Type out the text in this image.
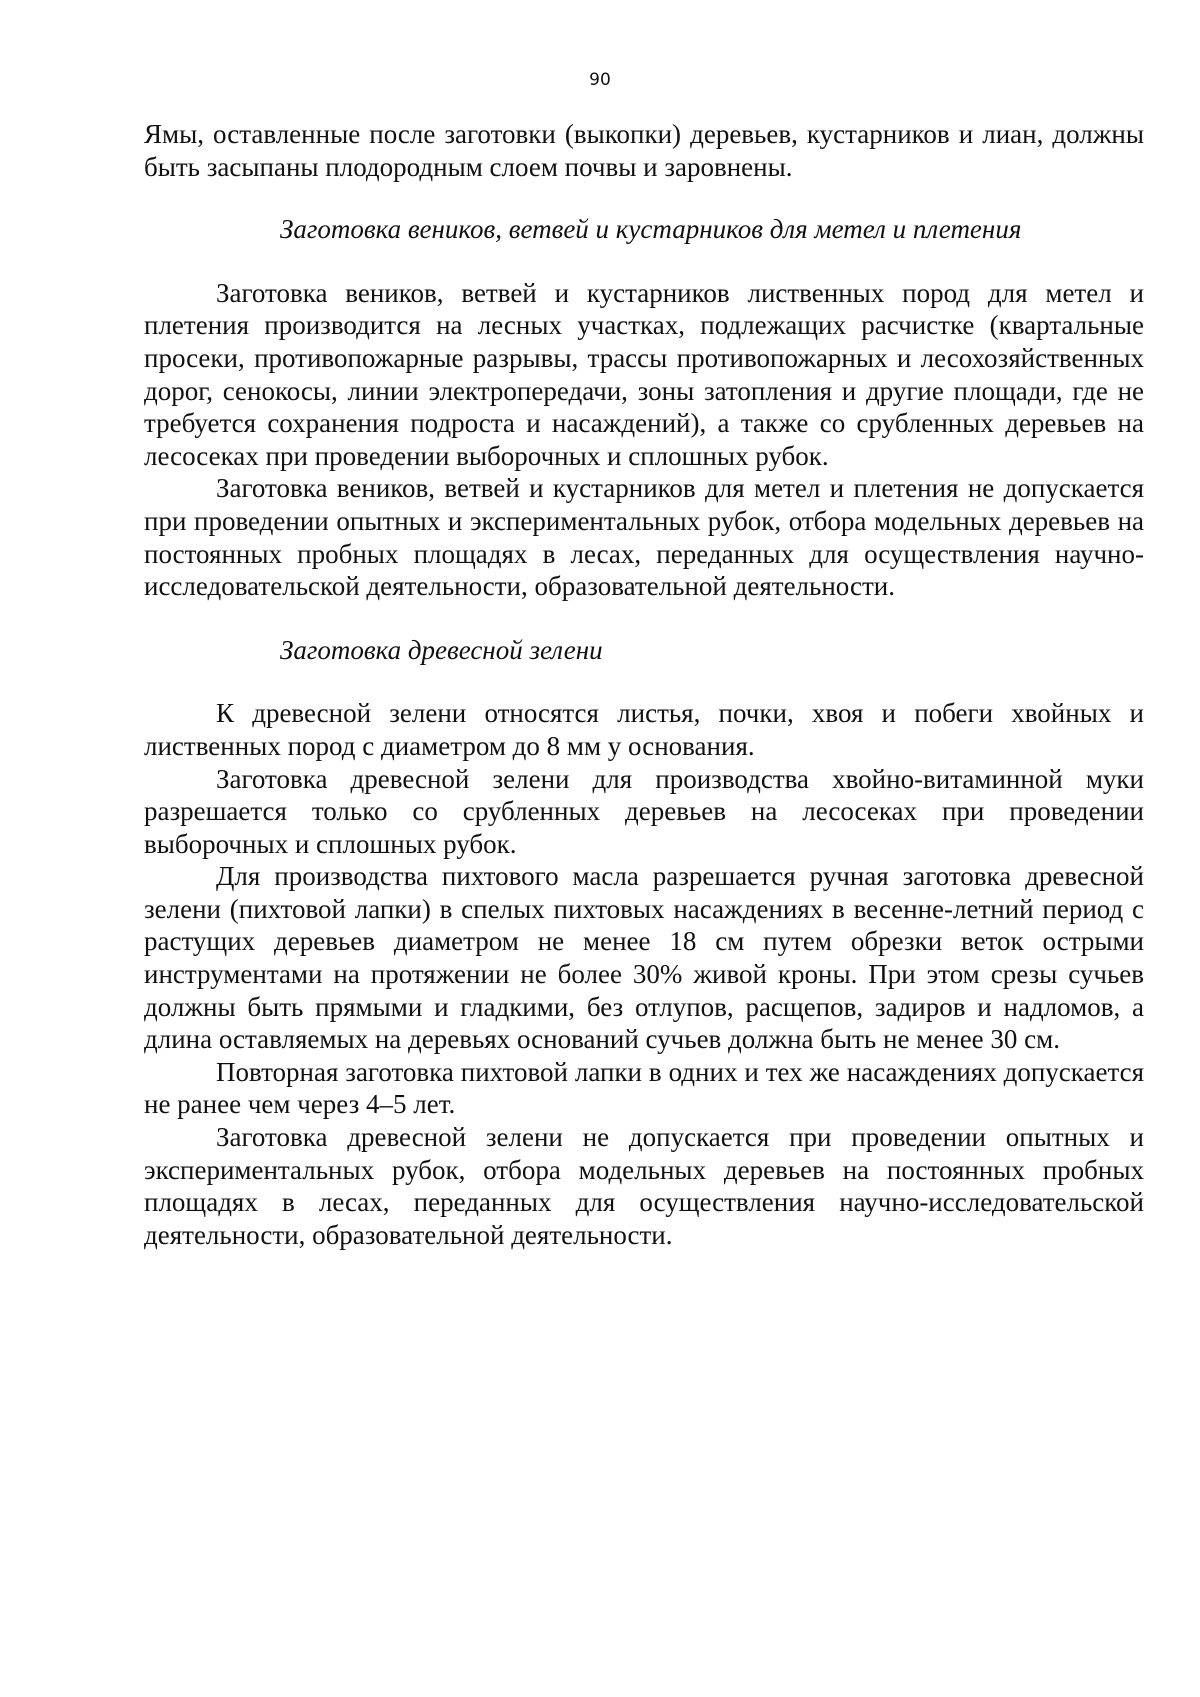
90

Ямы, оставленные после заготовки (выкопки) деревьев, кустарников и лиан, должны быть засыпаны плодородным слоем почвы и заровнены.

Заготовка веников, ветвей и кустарников для метел и плетения

Заготовка веников, ветвей и кустарников лиственных пород для метел и плетения производится на лесных участках, подлежащих расчистке (квартальные просеки, противопожарные разрывы, трассы противопожарных и лесохозяйственных дорог, сенокосы, линии электропередачи, зоны затопления и другие площади, где не требуется сохранения подроста и насаждений), а также со срубленных деревьев на лесосеках при проведении выборочных и сплошных рубок.

Заготовка веников, ветвей и кустарников для метел и плетения не допускается при проведении опытных и экспериментальных рубок, отбора модельных деревьев на постоянных пробных площадях в лесах, переданных для осуществления научно-исследовательской деятельности, образовательной деятельности.

Заготовка древесной зелени

К древесной зелени относятся листья, почки, хвоя и побеги хвойных и лиственных пород с диаметром до 8 мм у основания.

Заготовка древесной зелени для производства хвойно-витаминной муки разрешается только со срубленных деревьев на лесосеках при проведении выборочных и сплошных рубок.

Для производства пихтового масла разрешается ручная заготовка древесной зелени (пихтовой лапки) в спелых пихтовых насаждениях в весенне-летний период с растущих деревьев диаметром не менее 18 см путем обрезки веток острыми инструментами на протяжении не более 30% живой кроны. При этом срезы сучьев должны быть прямыми и гладкими, без отлупов, расщепов, задиров и надломов, а длина оставляемых на деревьях оснований сучьев должна быть не менее 30 см.

Повторная заготовка пихтовой лапки в одних и тех же насаждениях допускается не ранее чем через 4–5 лет.

Заготовка древесной зелени не допускается при проведении опытных и экспериментальных рубок, отбора модельных деревьев на постоянных пробных площадях в лесах, переданных для осуществления научно-исследовательской деятельности, образовательной деятельности.
